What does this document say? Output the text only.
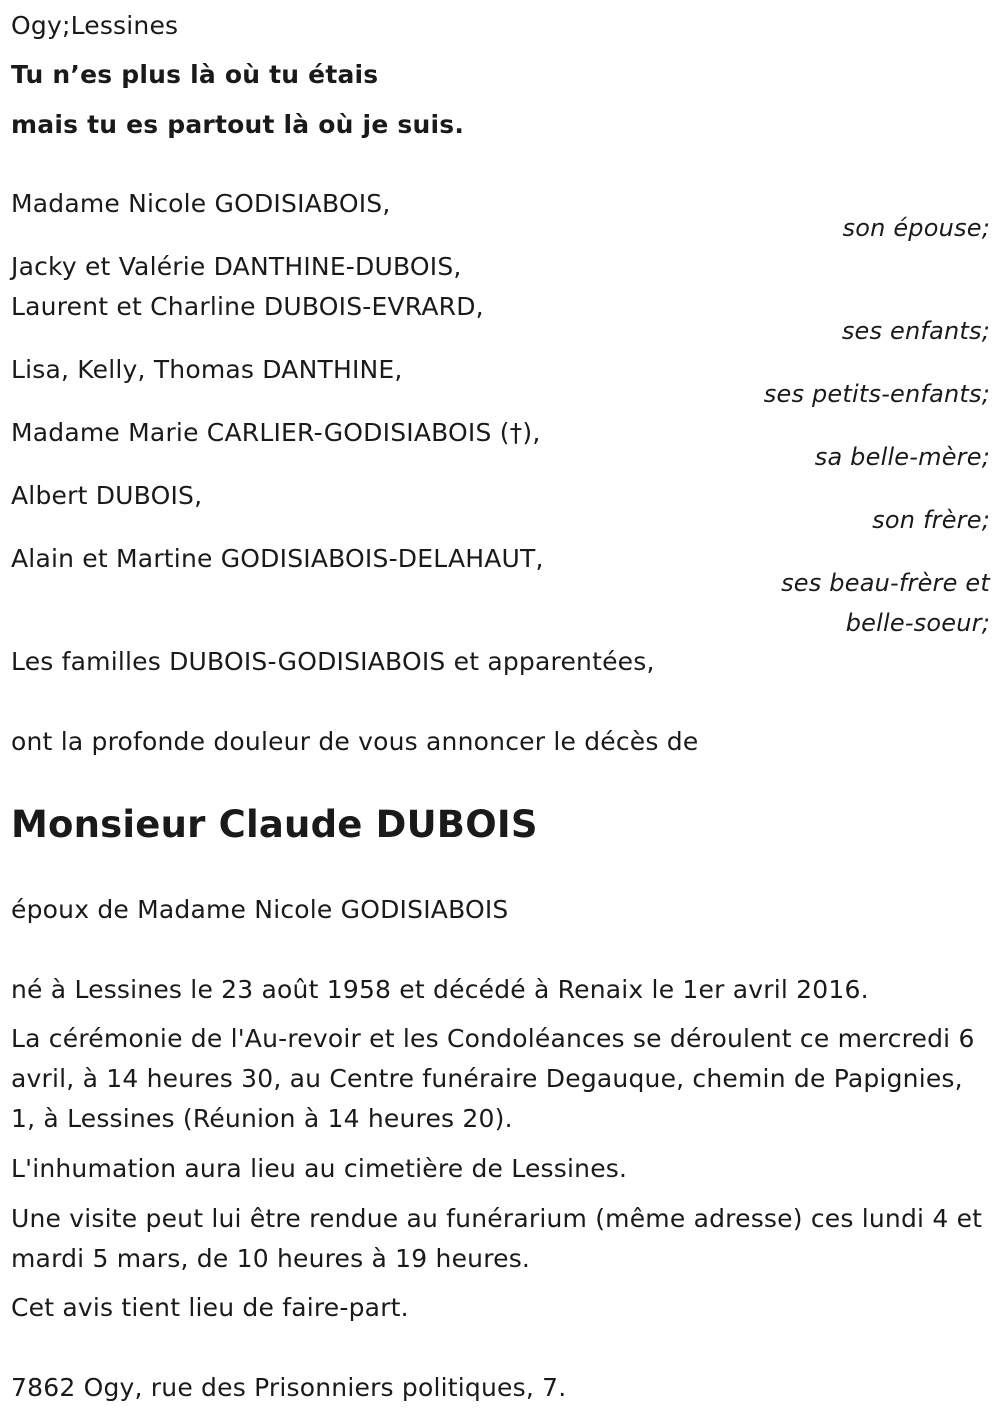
Ogy;Lessines
Tu n’es plus là où tu étais
mais tu es partout là où je suis.
Madame Nicole GODISIABOIS,
son épouse;
Jacky et Valérie DANTHINE-DUBOIS,
Laurent et Charline DUBOIS-EVRARD,
ses enfants;
Lisa, Kelly, Thomas DANTHINE,
ses petits-enfants;
Madame Marie CARLIER-GODISIABOIS (†),
sa belle-mère;
Albert DUBOIS,
son frère;
Alain et Martine GODISIABOIS-DELAHAUT,
ses beau-frère et
belle-soeur;
Les familles DUBOIS-GODISIABOIS et apparentées,
ont la profonde douleur de vous annoncer le décès de
Monsieur Claude DUBOIS
époux de Madame Nicole GODISIABOIS
né à Lessines le 23 août 1958 et décédé à Renaix le 1er avril 2016.
La cérémonie de l'Au-revoir et les Condoléances se déroulent ce mercredi 6 avril, à 14 heures 30, au Centre funéraire Degauque, chemin de Papignies, 1, à Lessines (Réunion à 14 heures 20).
L'inhumation aura lieu au cimetière de Lessines.
Une visite peut lui être rendue au funérarium (même adresse) ces lundi 4 et mardi 5 mars, de 10 heures à 19 heures.
Cet avis tient lieu de faire-part.
7862 Ogy, rue des Prisonniers politiques, 7.
